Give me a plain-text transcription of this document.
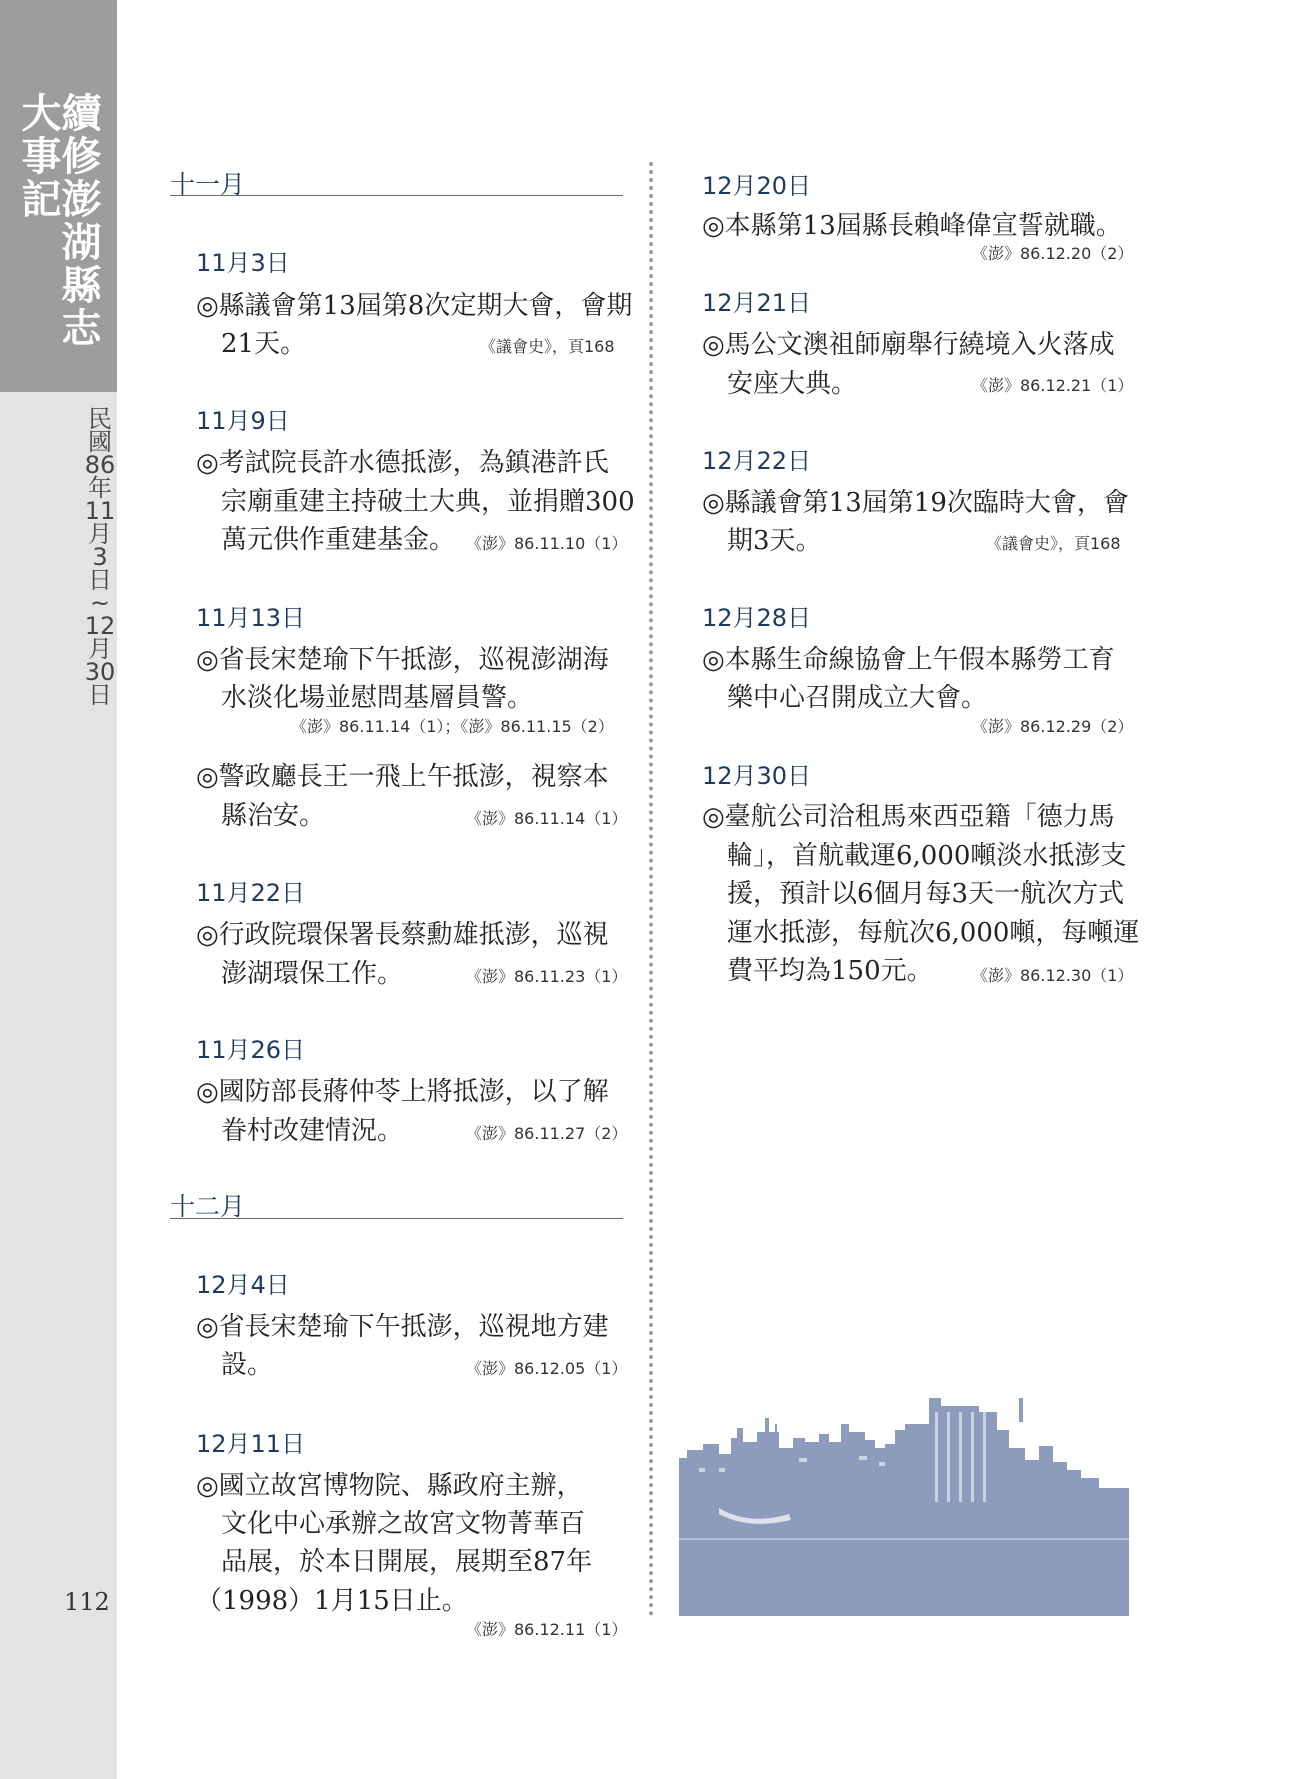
續修澎湖縣志大事記
民
國
86
年
11
月
3
日
~
12
月
30
日
112
十一月
11月3日
◎縣議會第13屆第8次定期大會，會期
21天。	《議會史》，頁168
11月9日
◎考試院長許水德抵澎，為鎮港許氏
宗廟重建主持破土大典，並捐贈300
萬元供作重建基金。 《澎》86.11.10（1）
11月13日
◎省長宋楚瑜下午抵澎，巡視澎湖海
水淡化場並慰問基層員警。
《澎》86.11.14（1）；《澎》86.11.15（2）
◎警政廳長王一飛上午抵澎，視察本
縣治安。	《澎》86.11.14（1）
11月22日
◎行政院環保署長蔡勳雄抵澎，巡視
澎湖環保工作。	《澎》86.11.23（1）
11月26日
◎國防部長蔣仲苓上將抵澎，以了解
眷村改建情況。	《澎》86.11.27（2）
十二月
12月4日
◎省長宋楚瑜下午抵澎，巡視地方建
設。	《澎》86.12.05（1）
12月11日
◎國立故宮博物院、縣政府主辦，
文化中心承辦之故宮文物菁華百
品展，於本日開展，展期至87年
（1998）1月15日止。
《澎》86.12.11（1）
12月20日
◎本縣第13屆縣長賴峰偉宣誓就職。
《澎》86.12.20（2）
12月21日
◎馬公文澳祖師廟舉行繞境入火落成
安座大典。	《澎》86.12.21（1）
12月22日
◎縣議會第13屆第19次臨時大會，會
期3天。	《議會史》，頁168
12月28日
◎本縣生命線協會上午假本縣勞工育
樂中心召開成立大會。
《澎》86.12.29（2）
12月30日
◎臺航公司洽租馬來西亞籍「德力馬
輪」，首航載運6,000噸淡水抵澎支
援，預計以6個月每3天一航次方式
運水抵澎，每航次6,000噸，每噸運
費平均為150元。 《澎》86.12.30（1）
